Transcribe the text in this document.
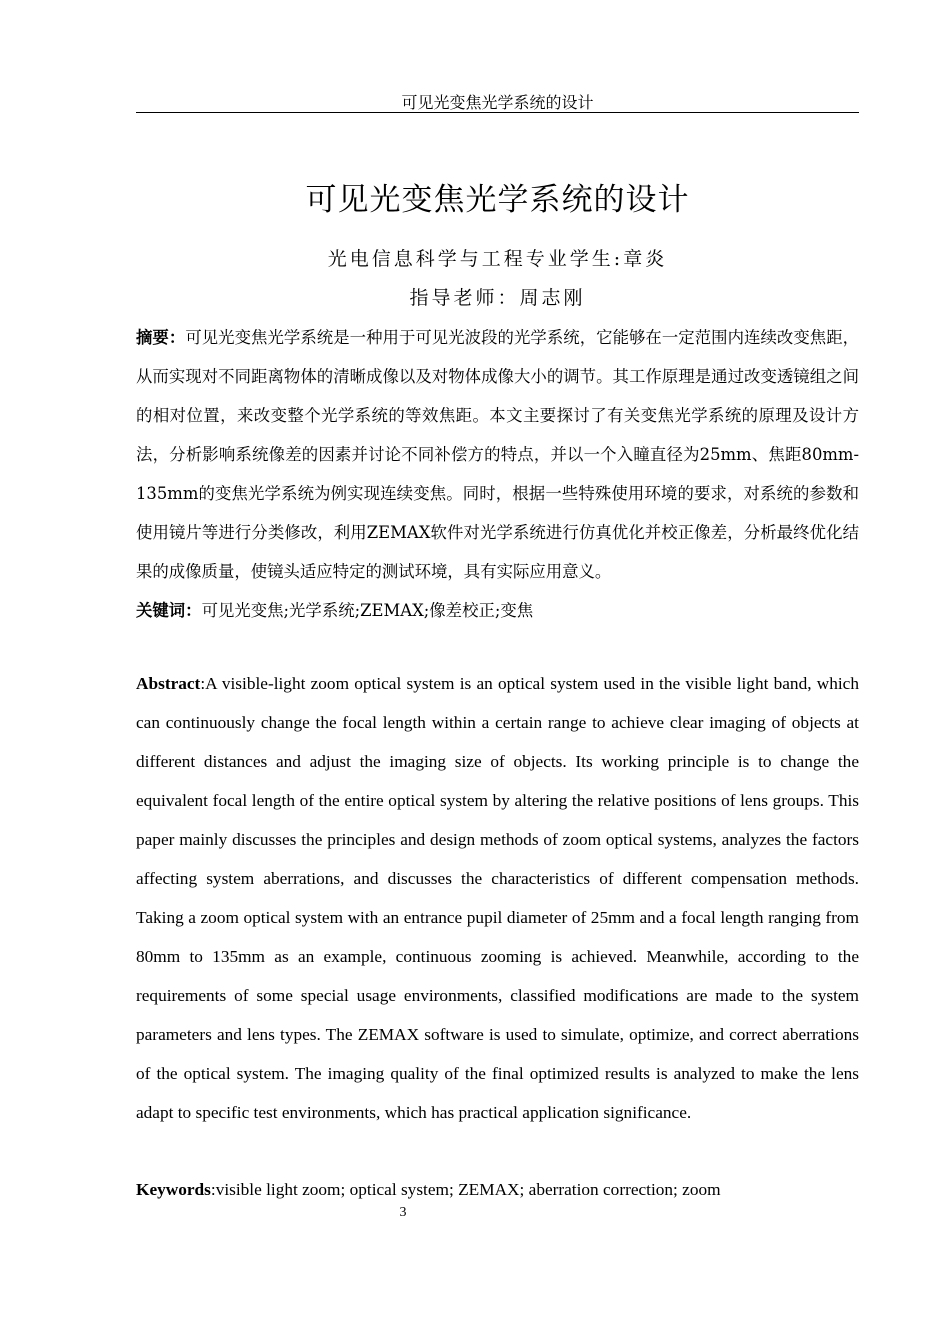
可见光变焦光学系统的设计
可见光变焦光学系统的设计
光电信息科学与工程专业学生:章炎
指导老师：周志刚

摘要：可见光变焦光学系统是一种用于可见光波段的光学系统，它能够在一定范围内连续改变焦距，从而实现对不同距离物体的清晰成像以及对物体成像大小的调节。其工作原理是通过改变透镜组之间的相对位置，来改变整个光学系统的等效焦距。本文主要探讨了有关变焦光学系统的原理及设计方法，分析影响系统像差的因素并讨论不同补偿方的特点，并以一个入瞳直径为25mm、焦距80mm-135mm的变焦光学系统为例实现连续变焦。同时，根据一些特殊使用环境的要求，对系统的参数和使用镜片等进行分类修改，利用ZEMAX软件对光学系统进行仿真优化并校正像差，分析最终优化结果的成像质量，使镜头适应特定的测试环境，具有实际应用意义。

关键词：可见光变焦;光学系统;ZEMAX;像差校正;变焦

Abstract:A visible-light zoom optical system is an optical system used in the visible light band, which can continuously change the focal length within a certain range to achieve clear imaging of objects at different distances and adjust the imaging size of objects. Its working principle is to change the equivalent focal length of the entire optical system by altering the relative positions of lens groups. This paper mainly discusses the principles and design methods of zoom optical systems, analyzes the factors affecting system aberrations, and discusses the characteristics of different compensation methods. Taking a zoom optical system with an entrance pupil diameter of 25mm and a focal length ranging from 80mm to 135mm as an example, continuous zooming is achieved. Meanwhile, according to the requirements of some special usage environments, classified modifications are made to the system parameters and lens types. The ZEMAX software is used to simulate, optimize, and correct aberrations of the optical system. The imaging quality of the final optimized results is analyzed to make the lens adapt to specific test environments, which has practical application significance.

Keywords:visible light zoom; optical system; ZEMAX; aberration correction; zoom
3
